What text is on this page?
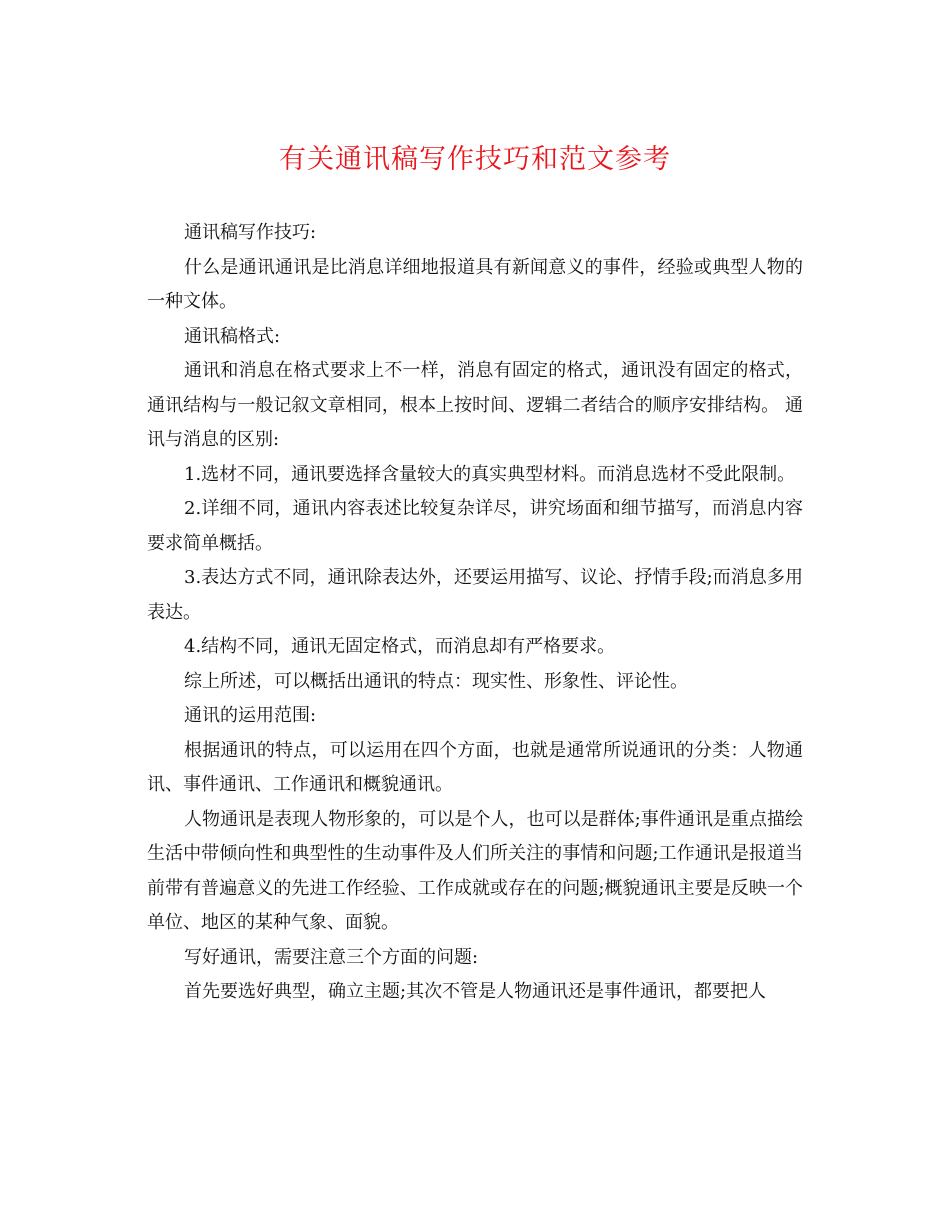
有关通讯稿写作技巧和范文参考

通讯稿写作技巧:

什么是通讯通讯是比消息详细地报道具有新闻意义的事件，经验或典型人物的一种文体。

通讯稿格式:

通讯和消息在格式要求上不一样，消息有固定的格式，通讯没有固定的格式，通讯结构与一般记叙文章相同，根本上按时间、逻辑二者结合的顺序安排结构。 通讯与消息的区别:

1.选材不同，通讯要选择含量较大的真实典型材料。而消息选材不受此限制。

2.详细不同，通讯内容表述比较复杂详尽，讲究场面和细节描写，而消息内容要求简单概括。

3.表达方式不同，通讯除表达外，还要运用描写、议论、抒情手段;而消息多用表达。

4.结构不同，通讯无固定格式，而消息却有严格要求。

综上所述，可以概括出通讯的特点：现实性、形象性、评论性。

通讯的运用范围:

根据通讯的特点，可以运用在四个方面，也就是通常所说通讯的分类：人物通讯、事件通讯、工作通讯和概貌通讯。

人物通讯是表现人物形象的，可以是个人，也可以是群体;事件通讯是重点描绘生活中带倾向性和典型性的生动事件及人们所关注的事情和问题;工作通讯是报道当前带有普遍意义的先进工作经验、工作成就或存在的问题;概貌通讯主要是反映一个单位、地区的某种气象、面貌。

写好通讯，需要注意三个方面的问题:

首先要选好典型，确立主题;其次不管是人物通讯还是事件通讯，都要把人
